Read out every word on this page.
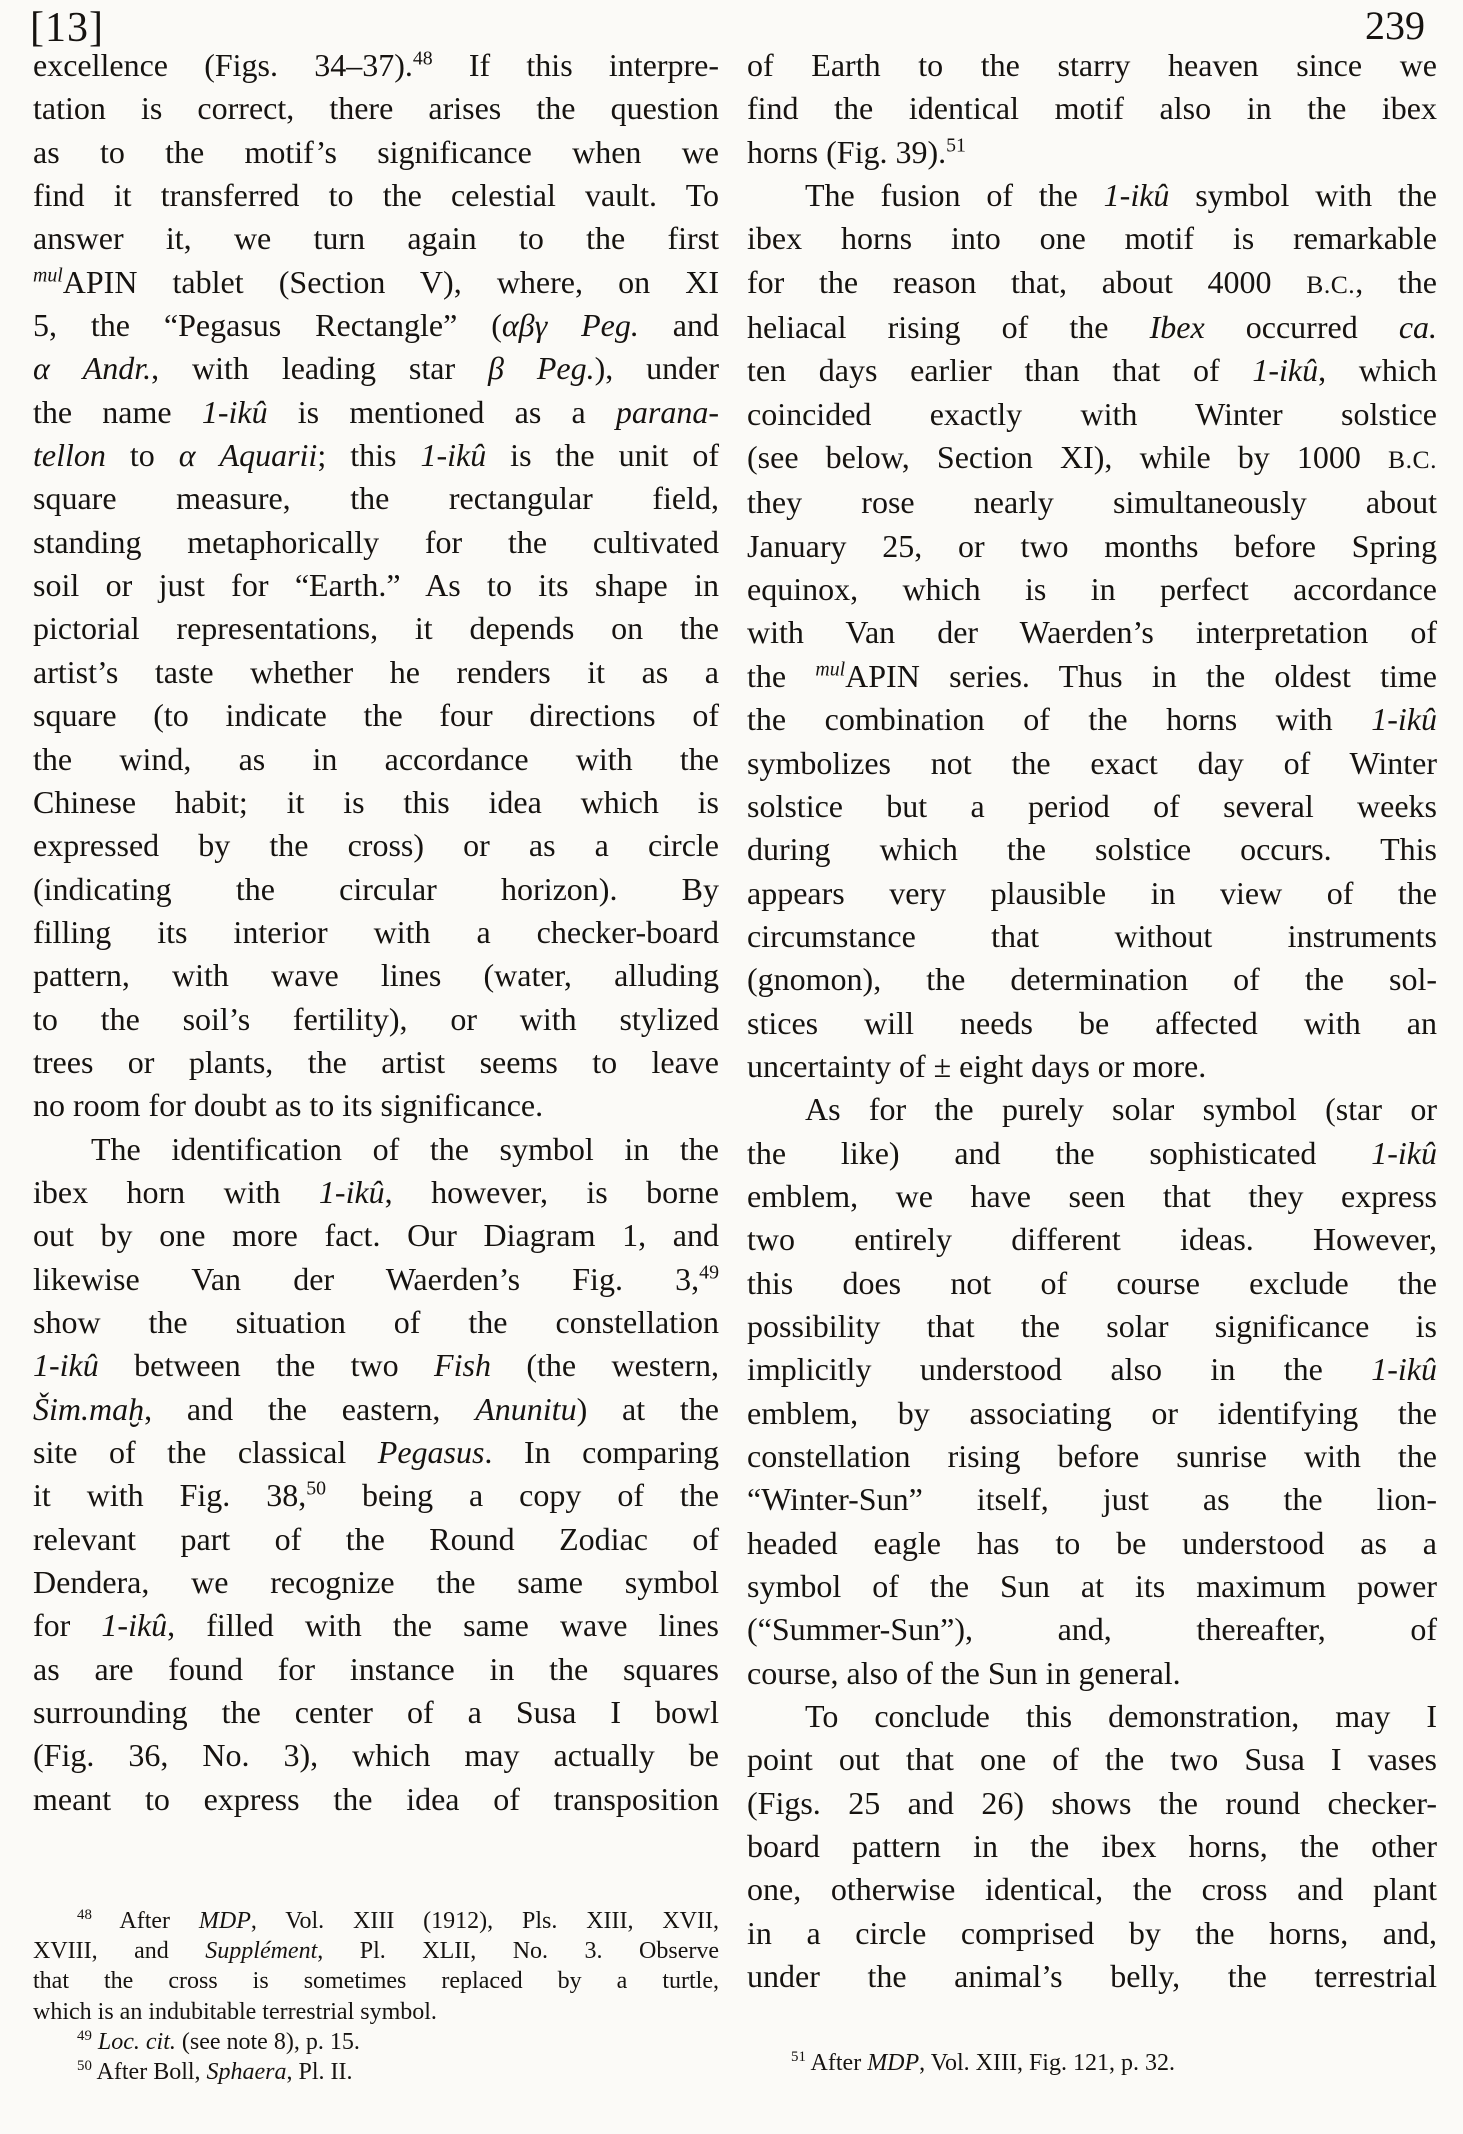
[13]	239
excellence (Figs. 34–37).$^{48}$ If this interpre-
tation is correct, there arises the question
as to the motif’s significance when we
find it transferred to the celestial vault. To
answer it, we turn again to the first
$^{mul}$APIN tablet (Section V), where, on XI
5, the “Pegasus Rectangle” (αβγ Peg. and
α Andr., with leading star β Peg.), under
the name 1-ikû is mentioned as a parana-
tellon to α Aquarii; this 1-ikû is the unit of
square measure, the rectangular field,
standing metaphorically for the cultivated
soil or just for “Earth.” As to its shape in
pictorial representations, it depends on the
artist’s taste whether he renders it as a
square (to indicate the four directions of
the wind, as in accordance with the
Chinese habit; it is this idea which is
expressed by the cross) or as a circle
(indicating the circular horizon). By
filling its interior with a checker-board
pattern, with wave lines (water, alluding
to the soil’s fertility), or with stylized
trees or plants, the artist seems to leave
no room for doubt as to its significance.
The identification of the symbol in the
ibex horn with 1-ikû, however, is borne
out by one more fact. Our Diagram 1, and
likewise Van der Waerden’s Fig. 3,49
show the situation of the constellation
1-ikû between the two Fish (the western,
Šim.maḫ, and the eastern, Anunitu) at the
site of the classical Pegasus. In comparing
it with Fig. 38,50 being a copy of the
relevant part of the Round Zodiac of
Dendera, we recognize the same symbol
for 1-ikû, filled with the same wave lines
as are found for instance in the squares
surrounding the center of a Susa I bowl
(Fig. 36, No. 3), which may actually be
meant to express the idea of transposition
of Earth to the starry heaven since we
find the identical motif also in the ibex
horns (Fig. 39).$^{51}$
The fusion of the 1-ikû symbol with the
ibex horns into one motif is remarkable
for the reason that, about 4000 B.C., the
heliacal rising of the Ibex occurred ca.
ten days earlier than that of 1-ikû, which
coincided exactly with Winter solstice
(see below, Section XI), while by 1000 B.C.
they rose nearly simultaneously about
January 25, or two months before Spring
equinox, which is in perfect accordance
with Van der Waerden’s interpretation of
the $^{mul}$APIN series. Thus in the oldest time
the combination of the horns with 1-ikû
symbolizes not the exact day of Winter
solstice but a period of several weeks
during which the solstice occurs. This
appears very plausible in view of the
circumstance that without instruments
(gnomon), the determination of the sol-
stices will needs be affected with an
uncertainty of ± eight days or more.
As for the purely solar symbol (star or
the like) and the sophisticated 1-ikû
emblem, we have seen that they express
two entirely different ideas. However,
this does not of course exclude the
possibility that the solar significance is
implicitly understood also in the 1-ikû
emblem, by associating or identifying the
constellation rising before sunrise with the
“Winter-Sun” itself, just as the lion-
headed eagle has to be understood as a
symbol of the Sun at its maximum power
(“Summer-Sun”), and, thereafter, of
course, also of the Sun in general.
To conclude this demonstration, may I
point out that one of the two Susa I vases
(Figs. 25 and 26) shows the round checker-
board pattern in the ibex horns, the other
one, otherwise identical, the cross and plant
in a circle comprised by the horns, and,
under the animal’s belly, the terrestrial
$^{48}$ After MDP, Vol. XIII (1912), Pls. XIII, XVII,
XVIII, and Supplément, Pl. XLII, No. 3. Observe
that the cross is sometimes replaced by a turtle,
which is an indubitable terrestrial symbol.
$^{49}$ Loc. cit. (see note 8), p. 15.
$^{50}$ After Boll, Sphaera, Pl. II.
$^{51}$ After MDP, Vol. XIII, Fig. 121, p. 32.
